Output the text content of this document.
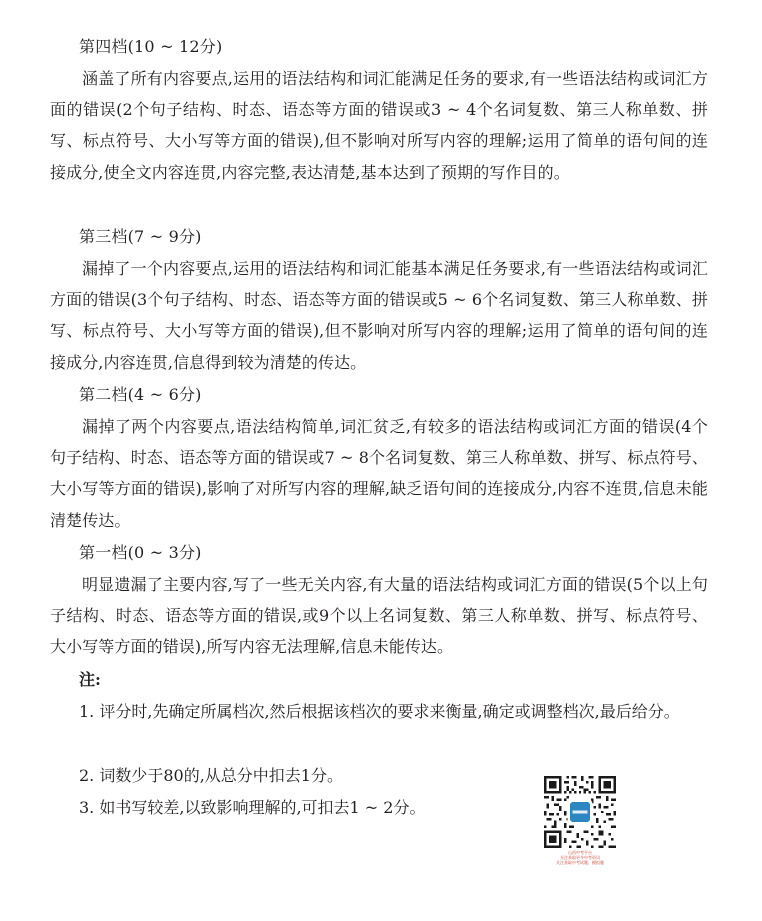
第四档(10 ~ 12分)
涵盖了所有内容要点,运用的语法结构和词汇能满足任务的要求,有一些语法结构或词汇方面的错误(2个句子结构、时态、语态等方面的错误或3 ~ 4个名词复数、第三人称单数、拼写、标点符号、大小写等方面的错误),但不影响对所写内容的理解;运用了简单的语句间的连接成分,使全文内容连贯,内容完整,表达清楚,基本达到了预期的写作目的。
第三档(7 ~ 9分)
漏掉了一个内容要点,运用的语法结构和词汇能基本满足任务要求,有一些语法结构或词汇方面的错误(3个句子结构、时态、语态等方面的错误或5 ~ 6个名词复数、第三人称单数、拼写、标点符号、大小写等方面的错误),但不影响对所写内容的理解;运用了简单的语句间的连接成分,内容连贯,信息得到较为清楚的传达。
第二档(4 ~ 6分)
漏掉了两个内容要点,语法结构简单,词汇贫乏,有较多的语法结构或词汇方面的错误(4个句子结构、时态、语态等方面的错误或7 ~ 8个名词复数、第三人称单数、拼写、标点符号、大小写等方面的错误),影响了对所写内容的理解,缺乏语句间的连接成分,内容不连贯,信息未能清楚传达。
第一档(0 ~ 3分)
明显遗漏了主要内容,写了一些无关内容,有大量的语法结构或词汇方面的错误(5个以上句子结构、时态、语态等方面的错误,或9个以上名词复数、第三人称单数、拼写、标点符号、大小写等方面的错误),所写内容无法理解,信息未能传达。
注:
1. 评分时,先确定所属档次,然后根据该档次的要求来衡量,确定或调整档次,最后给分。
2. 词数少于80的,从总分中扣去1分。
3. 如书写较差,以致影响理解的,可扣去1 ~ 2分。
山西中考平台
关注获取更多中考资讯
关注获取中考试题、模拟题
